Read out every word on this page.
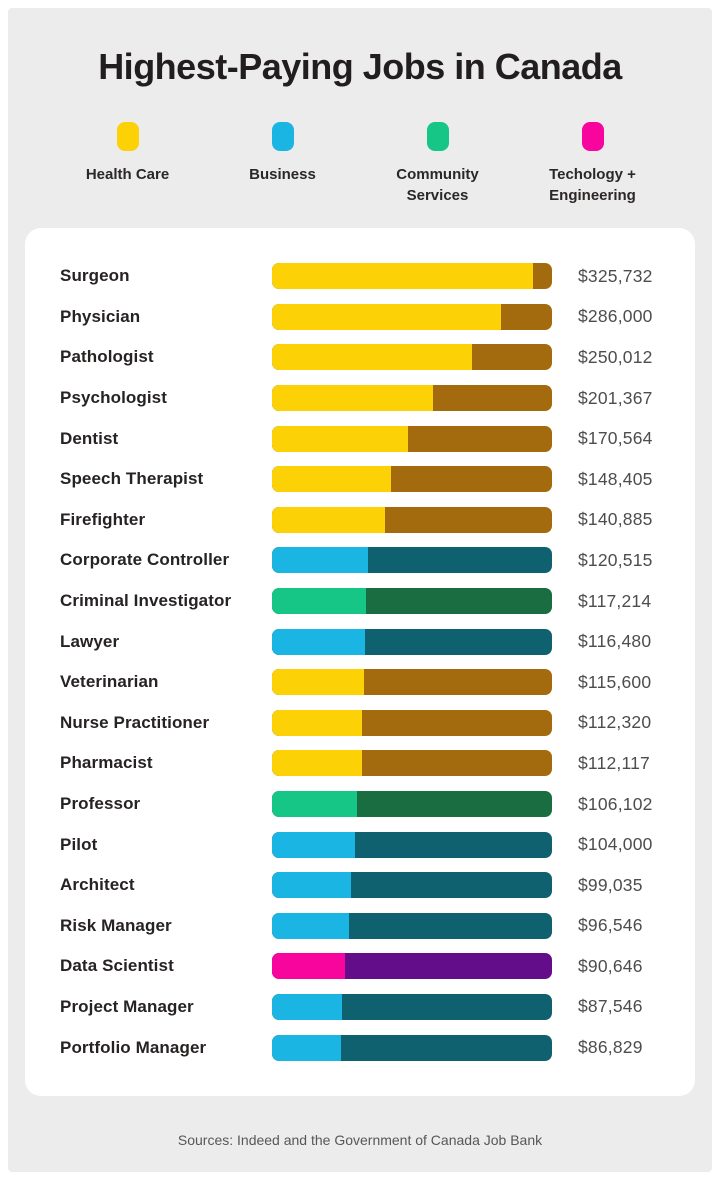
Highest-Paying Jobs in Canada
Health Care	Business	Community Services
Techology + Engineering
Surgeon	$325,732
Physician	$286,000
Pathologist	$250,012
Psychologist	$201,367
Dentist	$170,564
Speech Therapist	$148,405
Firefighter	$140,885
Corporate Controller	$120,515
Criminal Investigator	$117,214
Lawyer	$116,480
Veterinarian	$115,600
Nurse Practitioner	$112,320
Pharmacist	$112,117
Professor	$106,102
Pilot	$104,000
Architect	$99,035
Risk Manager	$96,546
Data Scientist	$90,646
Project Manager	$87,546
Portfolio Manager	$86,829
Sources: Indeed and the Government of Canada Job Bank
